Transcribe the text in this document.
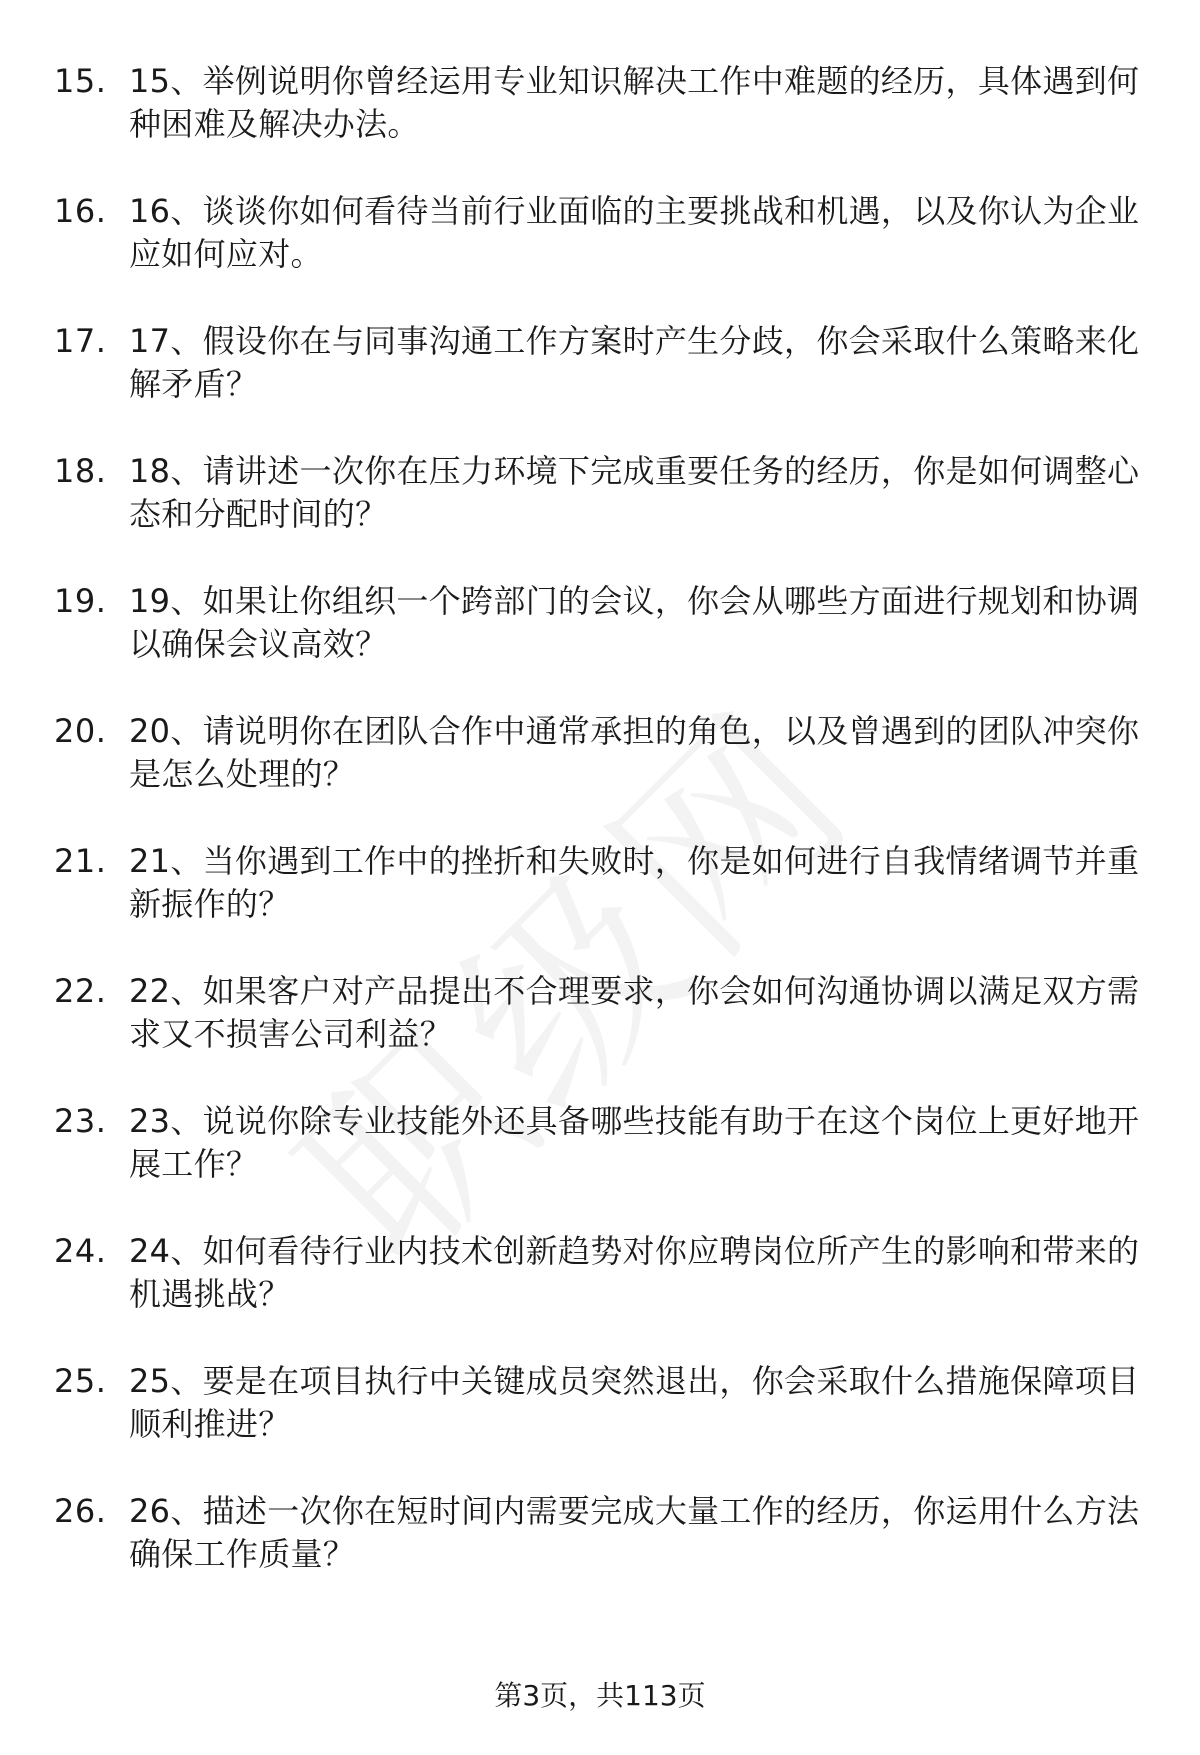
15. 15、举例说明你曾经运用专业知识解决工作中难题的经历，具体遇到何种困难及解决办法。
16. 16、谈谈你如何看待当前行业面临的主要挑战和机遇，以及你认为企业应如何应对。
17. 17、假设你在与同事沟通工作方案时产生分歧，你会采取什么策略来化解矛盾？
18. 18、请讲述一次你在压力环境下完成重要任务的经历，你是如何调整心态和分配时间的？
19. 19、如果让你组织一个跨部门的会议，你会从哪些方面进行规划和协调以确保会议高效？
20. 20、请说明你在团队合作中通常承担的角色，以及曾遇到的团队冲突你是怎么处理的？
21. 21、当你遇到工作中的挫折和失败时，你是如何进行自我情绪调节并重新振作的？
22. 22、如果客户对产品提出不合理要求，你会如何沟通协调以满足双方需求又不损害公司利益？
23. 23、说说你除专业技能外还具备哪些技能有助于在这个岗位上更好地开展工作？
24. 24、如何看待行业内技术创新趋势对你应聘岗位所产生的影响和带来的机遇挑战？
25. 25、要是在项目执行中关键成员突然退出，你会采取什么措施保障项目顺利推进？
26. 26、描述一次你在短时间内需要完成大量工作的经历，你运用什么方法确保工作质量？
第3页，共113页
